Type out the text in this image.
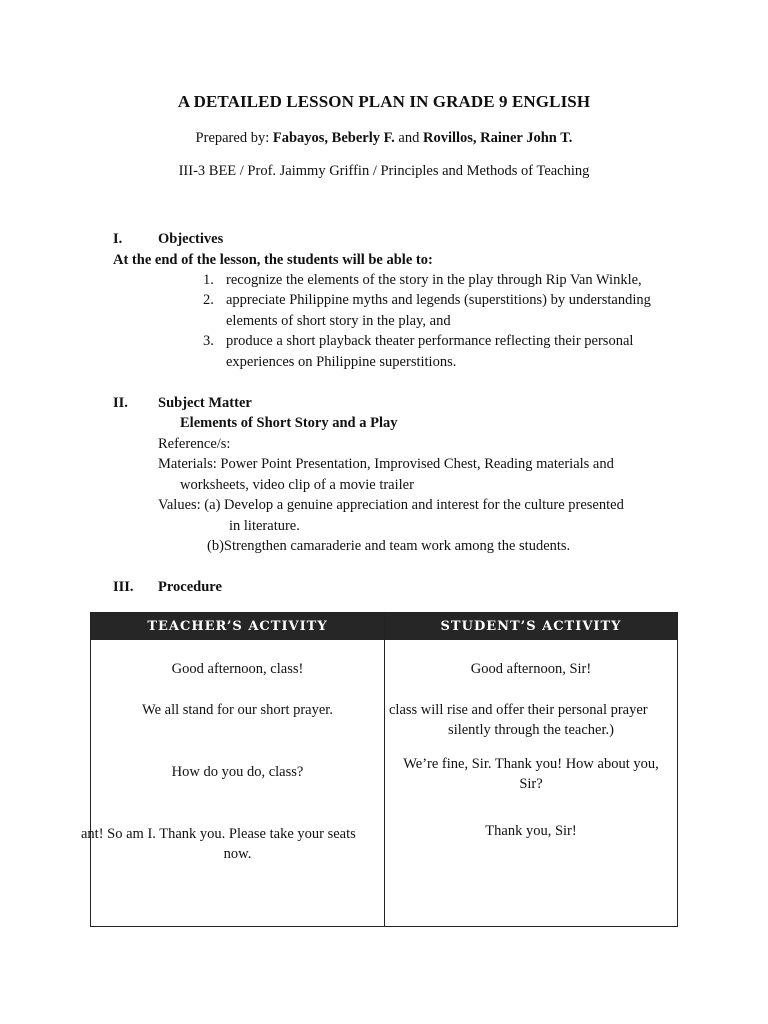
A DETAILED LESSON PLAN IN GRADE 9 ENGLISH
Prepared by: Fabayos, Beberly F. and Rovillos, Rainer John T.
III-3 BEE / Prof. Jaimmy Griffin / Principles and Methods of Teaching
I. Objectives
At the end of the lesson, the students will be able to:
1. recognize the elements of the story in the play through Rip Van Winkle,
2. appreciate Philippine myths and legends (superstitions) by understanding
elements of short story in the play, and
3. produce a short playback theater performance reflecting their personal
experiences on Philippine superstitions.
II. Subject Matter
Elements of Short Story and a Play
Reference/s:
Materials: Power Point Presentation, Improvised Chest, Reading materials and
worksheets, video clip of a movie trailer
Values: (a) Develop a genuine appreciation and interest for the culture presented
in literature.
(b)Strengthen camaraderie and team work among the students.
III. Procedure
TEACHER’S ACTIVITY	STUDENT’S ACTIVITY
Good afternoon, class!
We all stand for our short prayer.
How do you do, class?
ant! So am I. Thank you. Please take your seats
now.
Good afternoon, Sir!
class will rise and offer their personal prayer
silently through the teacher.)
We’re fine, Sir. Thank you! How about you,
Sir?
Thank you, Sir!
